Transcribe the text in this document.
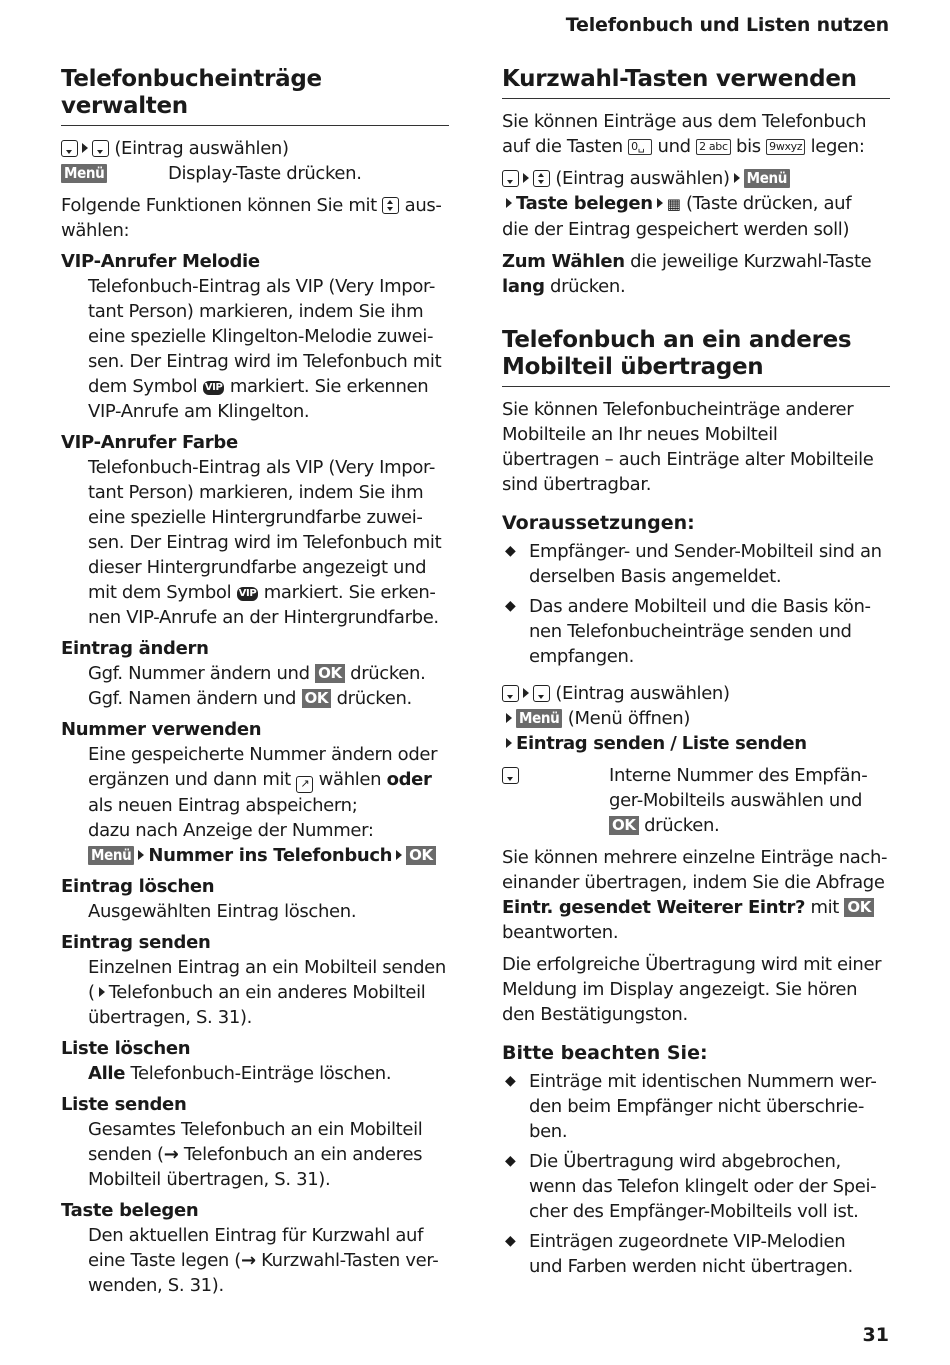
Telefonbuch und Listen nutzen
Telefonbucheinträge verwalten
(Eintrag auswählen)
Menü	Display-Taste drücken.

Folgende Funktionen können Sie mit aus-
wählen:

VIP-Anrufer Melodie
Telefonbuch-Eintrag als VIP (Very Impor-
tant Person) markieren, indem Sie ihm
eine spezielle Klingelton-Melodie zuwei-
sen. Der Eintrag wird im Telefonbuch mit
dem Symbol VIP markiert. Sie erkennen
VIP-Anrufe am Klingelton.
VIP-Anrufer Farbe
Telefonbuch-Eintrag als VIP (Very Impor-
tant Person) markieren, indem Sie ihm
eine spezielle Hintergrundfarbe zuwei-
sen. Der Eintrag wird im Telefonbuch mit
dieser Hintergrundfarbe angezeigt und
mit dem Symbol VIP markiert. Sie erken-
nen VIP-Anrufe an der Hintergrundfarbe.
Eintrag ändern
Ggf. Nummer ändern und OK drücken.
Ggf. Namen ändern und OK drücken.
Nummer verwenden
Eine gespeicherte Nummer ändern oder
ergänzen und dann mit ↗ wählen oder
als neuen Eintrag abspeichern;
dazu nach Anzeige der Nummer:
Menü Nummer ins Telefonbuch OK
Eintrag löschen
Ausgewählten Eintrag löschen.
Eintrag senden
Einzelnen Eintrag an ein Mobilteil senden
( Telefonbuch an ein anderes Mobilteil
übertragen, S. 31).
Liste löschen
Alle Telefonbuch-Einträge löschen.
Liste senden
Gesamtes Telefonbuch an ein Mobilteil
senden (→ Telefonbuch an ein anderes
Mobilteil übertragen, S. 31).
Taste belegen
Den aktuellen Eintrag für Kurzwahl auf
eine Taste legen (→ Kurzwahl-Tasten ver-
wenden, S. 31).
Kurzwahl-Tasten verwenden

Sie können Einträge aus dem Telefonbuch
auf die Tasten 0␣ und 2 abc bis 9wxyz legen:

(Eintrag auswählen) Menü
Taste belegen ▦ (Taste drücken, auf
die der Eintrag gespeichert werden soll)

Zum Wählen die jeweilige Kurzwahl-Taste
lang drücken.

Telefonbuch an ein anderes
Mobilteil übertragen

Sie können Telefonbucheinträge anderer
Mobilteile an Ihr neues Mobilteil
übertragen – auch Einträge alter Mobilteile
sind übertragbar.

Voraussetzungen:
◆ Empfänger- und Sender-Mobilteil sind an
derselben Basis angemeldet.
◆ Das andere Mobilteil und die Basis kön-
nen Telefonbucheinträge senden und
empfangen.

(Eintrag auswählen)
Menü (Menü öffnen)
Eintrag senden / Liste senden

Interne Nummer des Empfän-
ger-Mobilteils auswählen und
OK drücken.

Sie können mehrere einzelne Einträge nach-
einander übertragen, indem Sie die Abfrage
Eintr. gesendet Weiterer Eintr? mit OK
beantworten.

Die erfolgreiche Übertragung wird mit einer
Meldung im Display angezeigt. Sie hören
den Bestätigungston.

Bitte beachten Sie:
◆ Einträge mit identischen Nummern wer-
den beim Empfänger nicht überschrie-
ben.
◆ Die Übertragung wird abgebrochen,
wenn das Telefon klingelt oder der Spei-
cher des Empfänger-Mobilteils voll ist.
◆ Einträgen zugeordnete VIP-Melodien
und Farben werden nicht übertragen.
31
